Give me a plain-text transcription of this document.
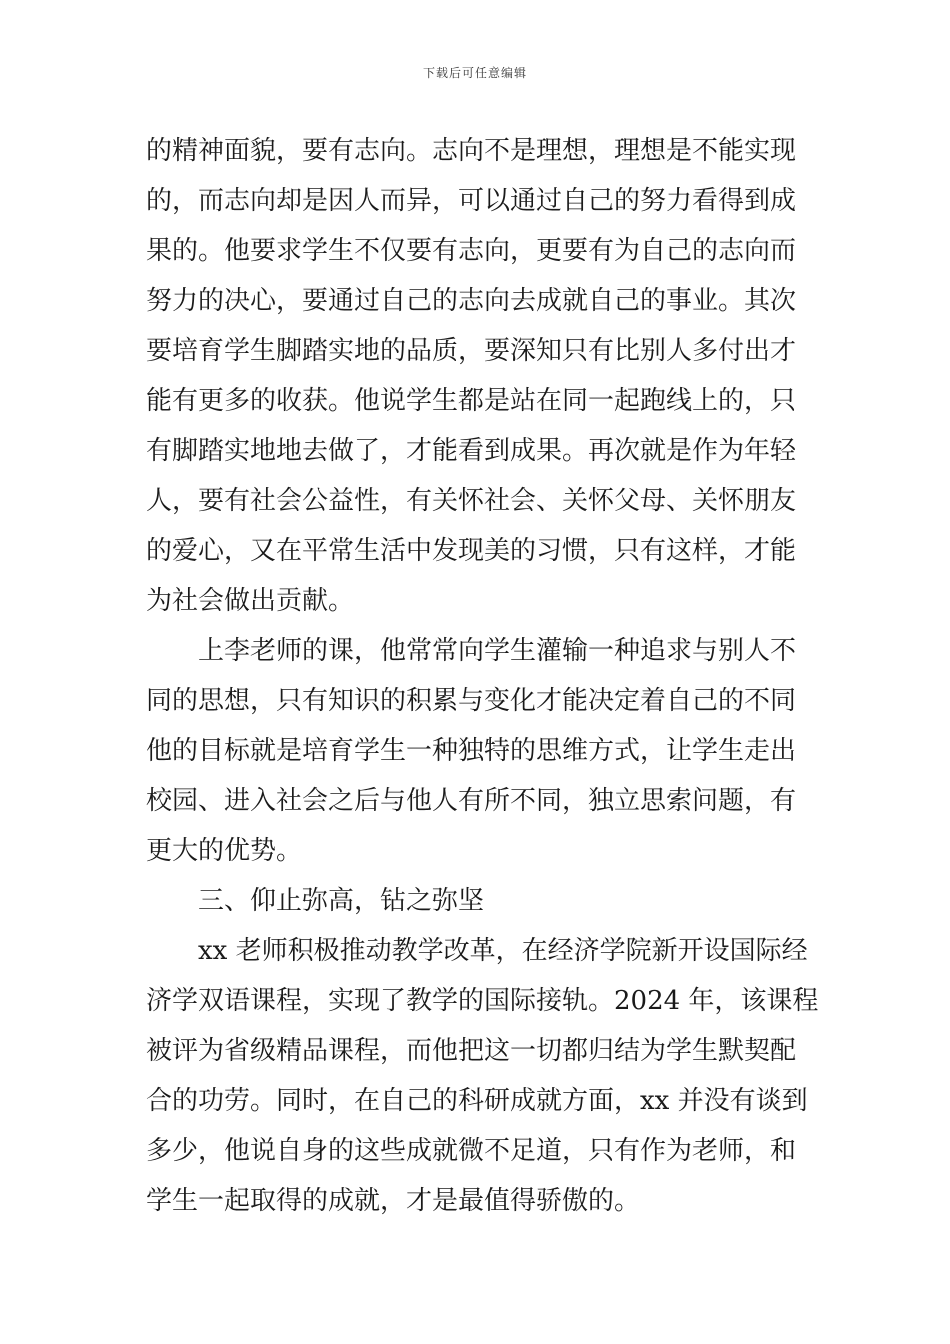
下载后可任意编辑
的精神面貌，要有志向。志向不是理想，理想是不能实现
的，而志向却是因人而异，可以通过自己的努力看得到成
果的。他要求学生不仅要有志向，更要有为自己的志向而
努力的决心，要通过自己的志向去成就自己的事业。其次
要培育学生脚踏实地的品质，要深知只有比别人多付出才
能有更多的收获。他说学生都是站在同一起跑线上的，只
有脚踏实地地去做了，才能看到成果。再次就是作为年轻
人，要有社会公益性，有关怀社会、关怀父母、关怀朋友
的爱心，又在平常生活中发现美的习惯，只有这样，才能
为社会做出贡献。
上李老师的课，他常常向学生灌输一种追求与别人不
同的思想，只有知识的积累与变化才能决定着自己的不同
他的目标就是培育学生一种独特的思维方式，让学生走出
校园、进入社会之后与他人有所不同，独立思索问题，有
更大的优势。
三、仰止弥高，钻之弥坚
xx 老师积极推动教学改革，在经济学院新开设国际经
济学双语课程，实现了教学的国际接轨。2024 年，该课程
被评为省级精品课程，而他把这一切都归结为学生默契配
合的功劳。同时，在自己的科研成就方面，xx 并没有谈到
多少，他说自身的这些成就微不足道，只有作为老师，和
学生一起取得的成就，才是最值得骄傲的。
